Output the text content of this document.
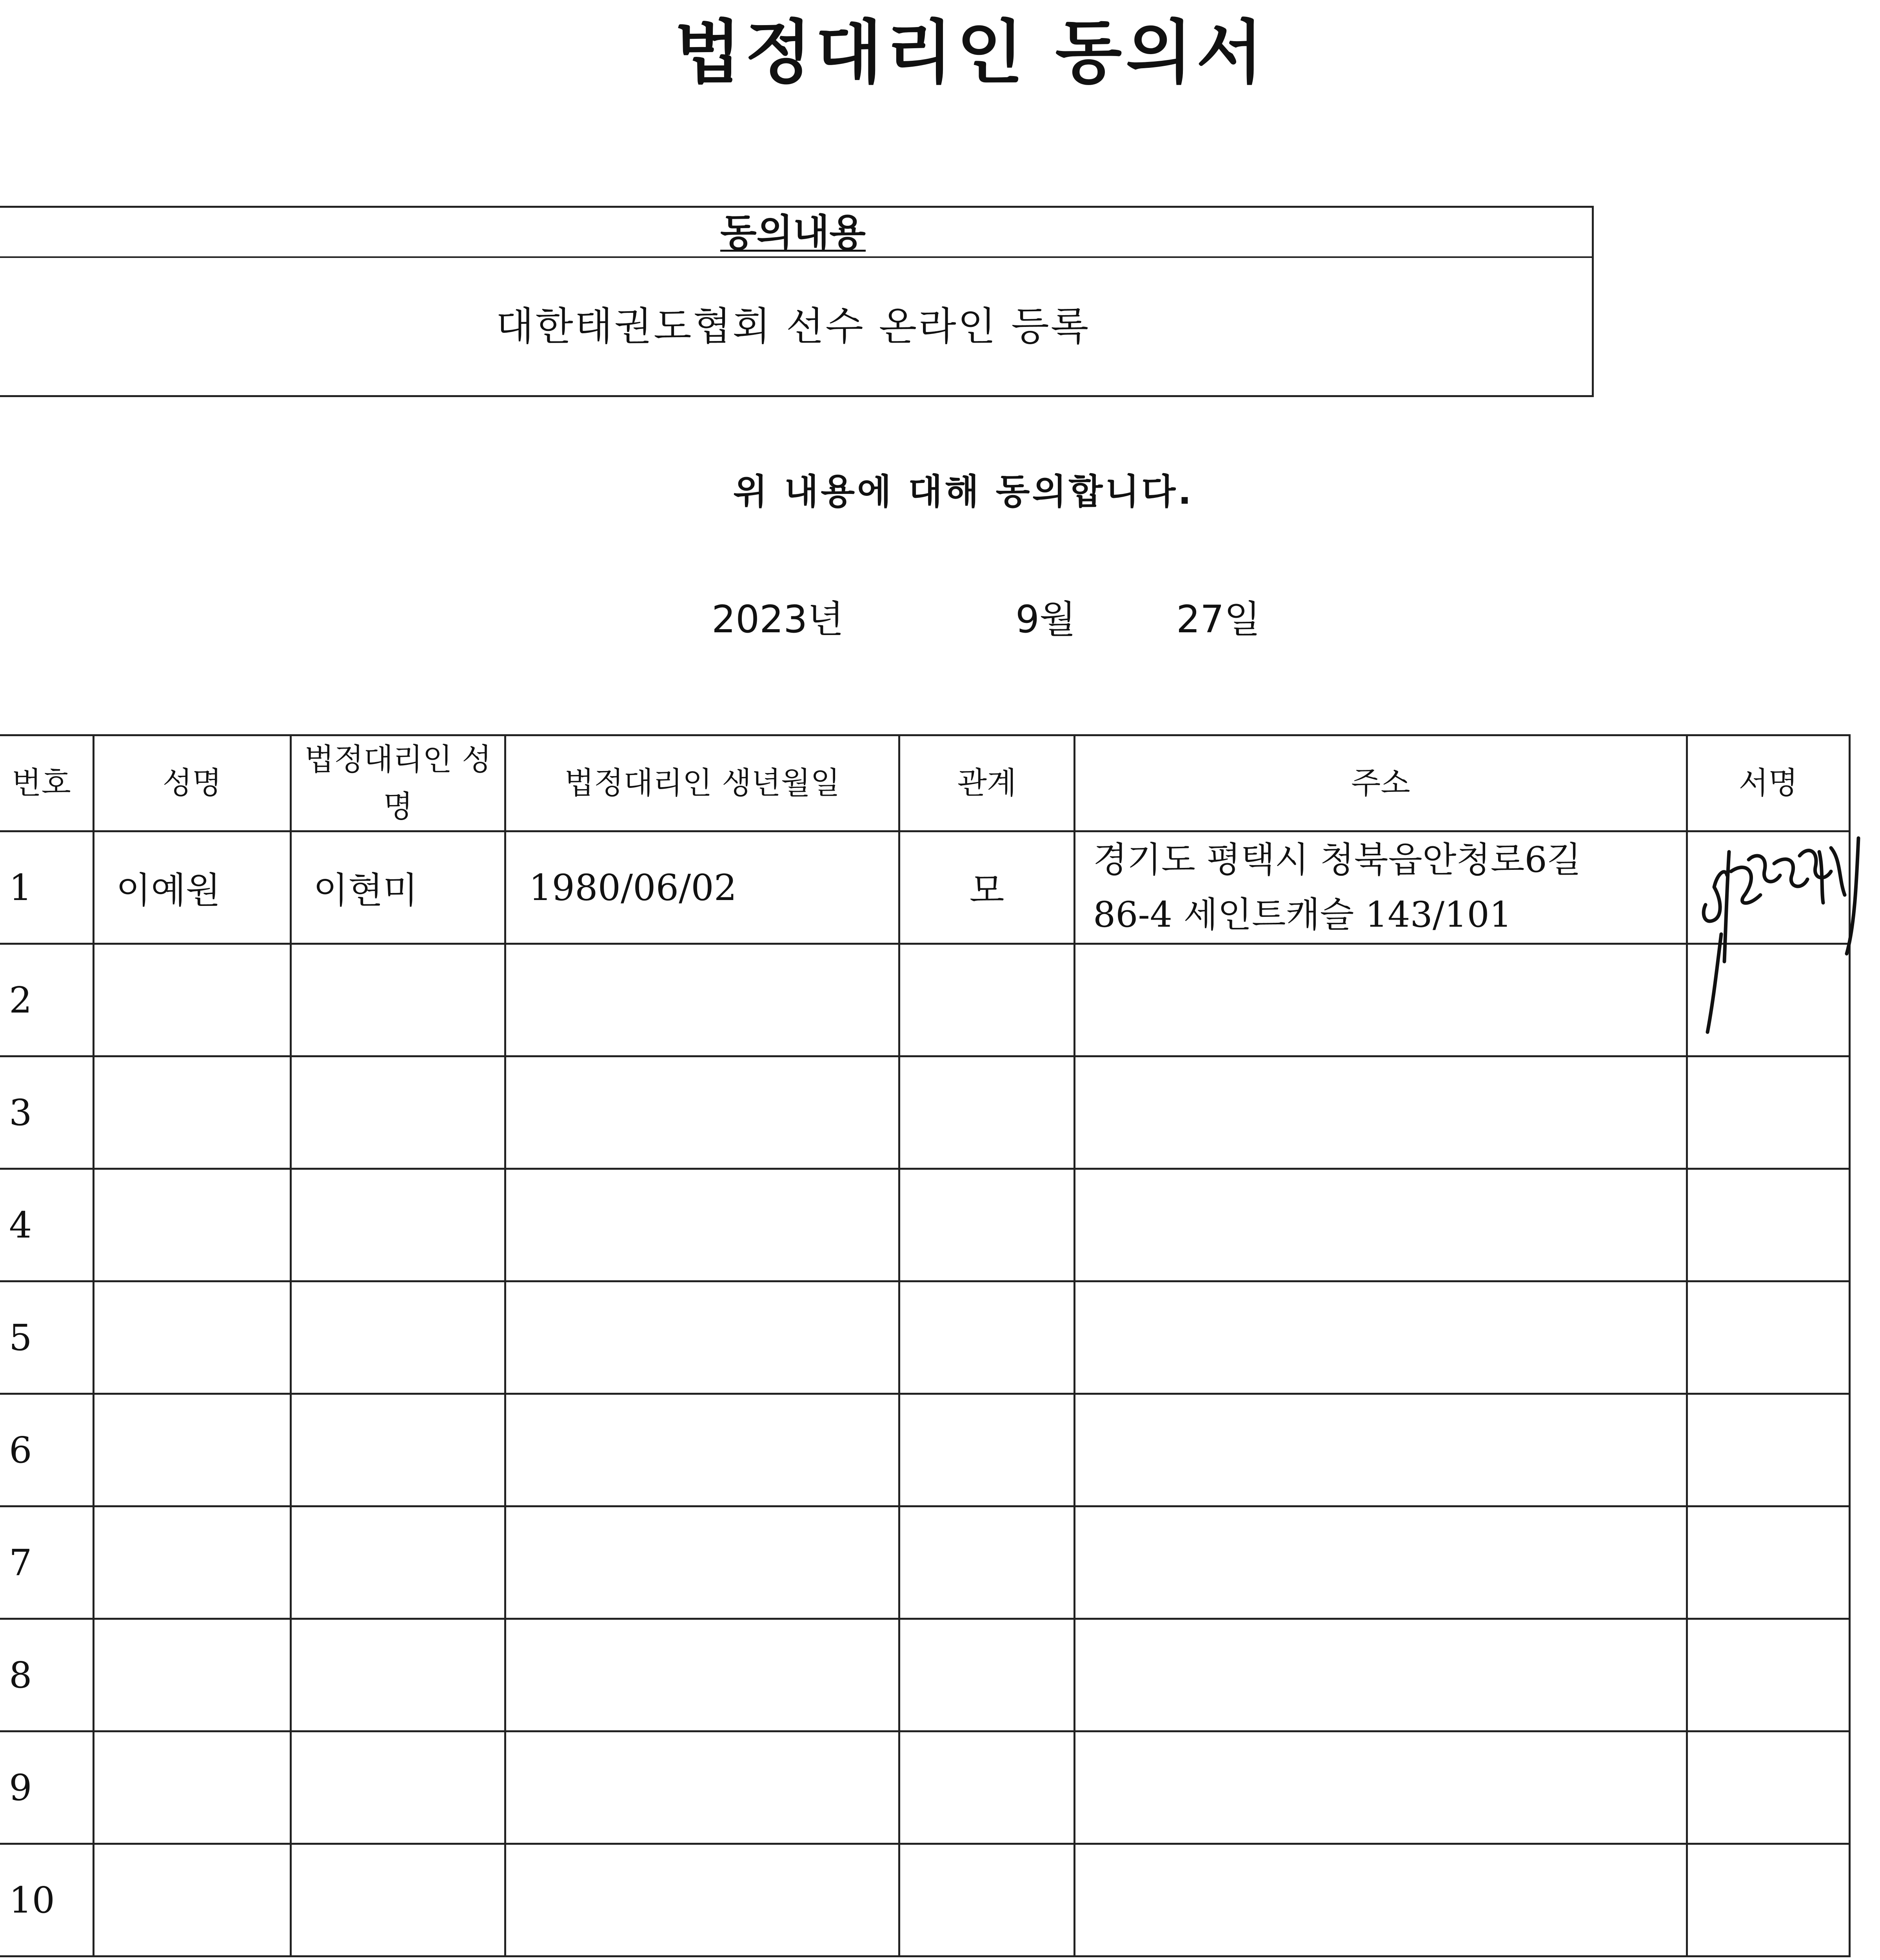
법정대리인 동의서
동의내용
대한태권도협회 선수 온라인 등록
위 내용에 대해 동의합니다.
2023년	9월	27일
번호	성명	법정대리인 성명	법정대리인 생년월일	관계	주소	서명
1	이예원	이현미	1980/06/02	모	경기도 평택시 청북읍안청로6길
86-4 세인트캐슬 143/101	

2						
3						
4						
5						
6						
7						
8						
9						
10						
